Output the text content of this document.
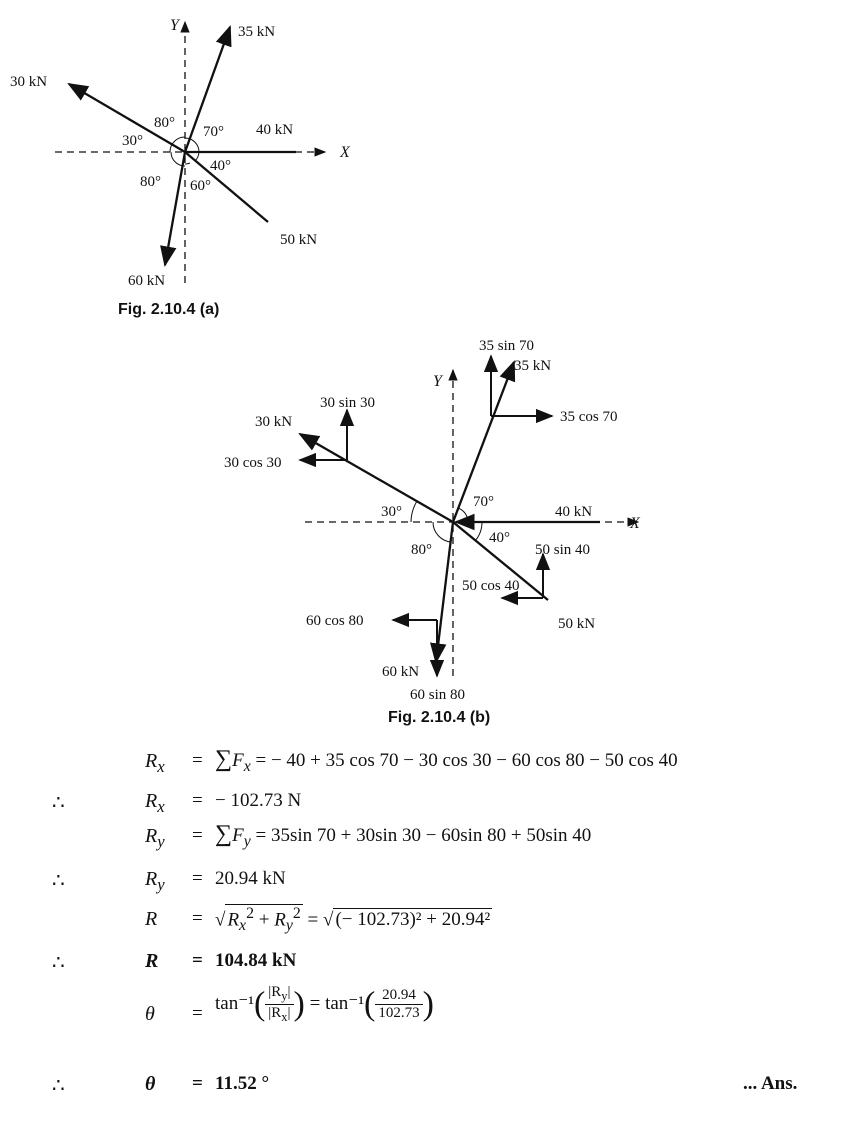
Y
X
35 kN
30 kN
40 kN
50 kN
60 kN
80°
70°
30°
40°
80° 60°
Fig. 2.10.4 (a)
Y
X
35 sin 70
35 kN
35 cos 70
30 sin 30
30 kN
30 cos 30
40 kN
30°
70°
80°
40°
50 sin 40
50 cos 40
50 kN
60 cos 80
60 kN
60 sin 80
Fig. 2.10.4 (b)
$R_x$	= $\sum F_x$ = − 40 + 35 cos 70 − 30 cos 30 − 60 cos 80 − 50 cos 40
∴	$R_x$	= − 102.73 N
$R_y$	= $\sum F_y = 35\sin$ 70 + 30sin 30 − 60sin 80 + 50sin 40
∴	$R_y$	= 20.94 kN
R	= √ $R_x^2 + R_y^2$ = √ (− 102.73)² + 20.94²
∴	R	= 104.84 kN
θ	= $\tan^{-1}( \frac{|R_y|}{|R_x|}$ ) = $\tan^{-1}( \frac{20.94}{102.73}$ )
∴	θ	= 11.52 °	... Ans.
